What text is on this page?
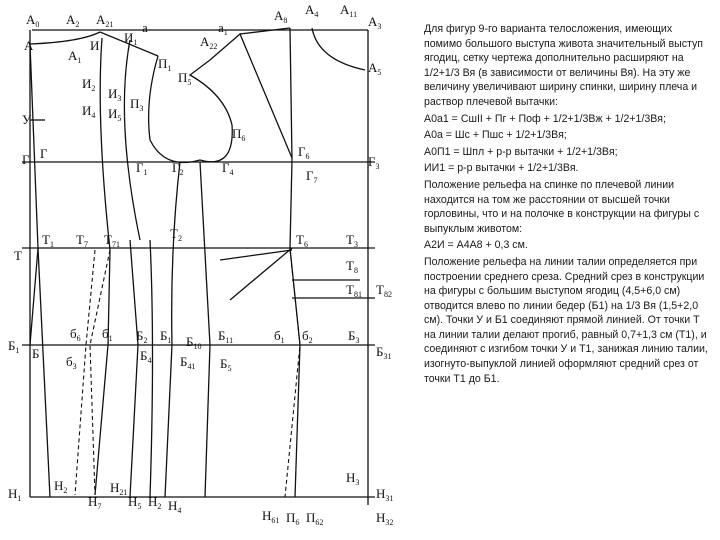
$А_0$
А
$А_2$
$А_1$
$А_{21}$ а
И
$И_1$
$а_1$
$А_8$
$А_4$ $А_{11}$ $А_3$
$А_{22}$
$А_5$
$П_1$
$П_5$
$И_2$ $И_3$
$И_4$ $И_5$
$П_3$
У
$П_6$
Г Г
$Г_1$ $Г_2$	$Г_4$
$Г_6$
$Г_7$
$Г_3$
$Т_1$ $Т_7$ $Т_{71}$
$Т_2$	$Т_6$	$Т_3$
Т
$Т_8$
$Т_{81}$ $Т_{82}$
$б_6$ $б_1$ $Б_2$ $Б_1$ $Б_{10}$
$Б_{11}$	$б_1$ $б_2$
$Б_1$
$Б_3$
$б_3$
Б	$Б_4$ $Б_{41}$ $Б_5$
$Б_{31}$
$Н_2$	$Н_{21}$
$Н_3$
$Н_1$	$Н_7$ $Н_5$ $Н_2$ $Н_4$
$Н_{31}$
$Н_{61}$ $П_6$ $П_{62}$	$Н_{32}$

Для фигур 9-го варианта телосложения, имеющих помимо большого выступа живота значительный выступ ягодиц, сетку чертежа дополнительно расширяют на 1/2+1/3 Вя (в зависимости от величины Вя). На эту же величину увеличивают ширину спинки, ширину плеча и раствор плечевой вытачки:

А0а1 = СшII + Пг + Поф + 1/2+1/3Вж + 1/2+1/3Вя;

А0а = Шс + Пшс + 1/2+1/3Вя;

А0П1 = Шпл + р-р вытачки + 1/2+1/3Вя;

ИИ1 = р-р вытачки + 1/2+1/3Вя.

Положение рельефа на спинке по плечевой линии находится на том же расстоянии от высшей точки горловины, что и на полочке в конструкции на фигуры с выпуклым животом:

А2И = А4А8 + 0,3 см.

Положение рельефа на линии талии определяется при построении среднего среза. Средний срез в конструкции на фигуры с большим выступом ягодиц (4,5+6,0 см) отводится влево по линии бедер (Б1) на 1/3 Вя (1,5+2,0 см). Точки У и Б1 соединяют прямой линией. От точки Т на линии талии делают прогиб, равный 0,7+1,3 см (Т1), и соединяют с изгибом точки У и Т1, занижая линию талии, изогнуто-выпуклой линией оформляют средний срез от точки Т1 до Б1.
